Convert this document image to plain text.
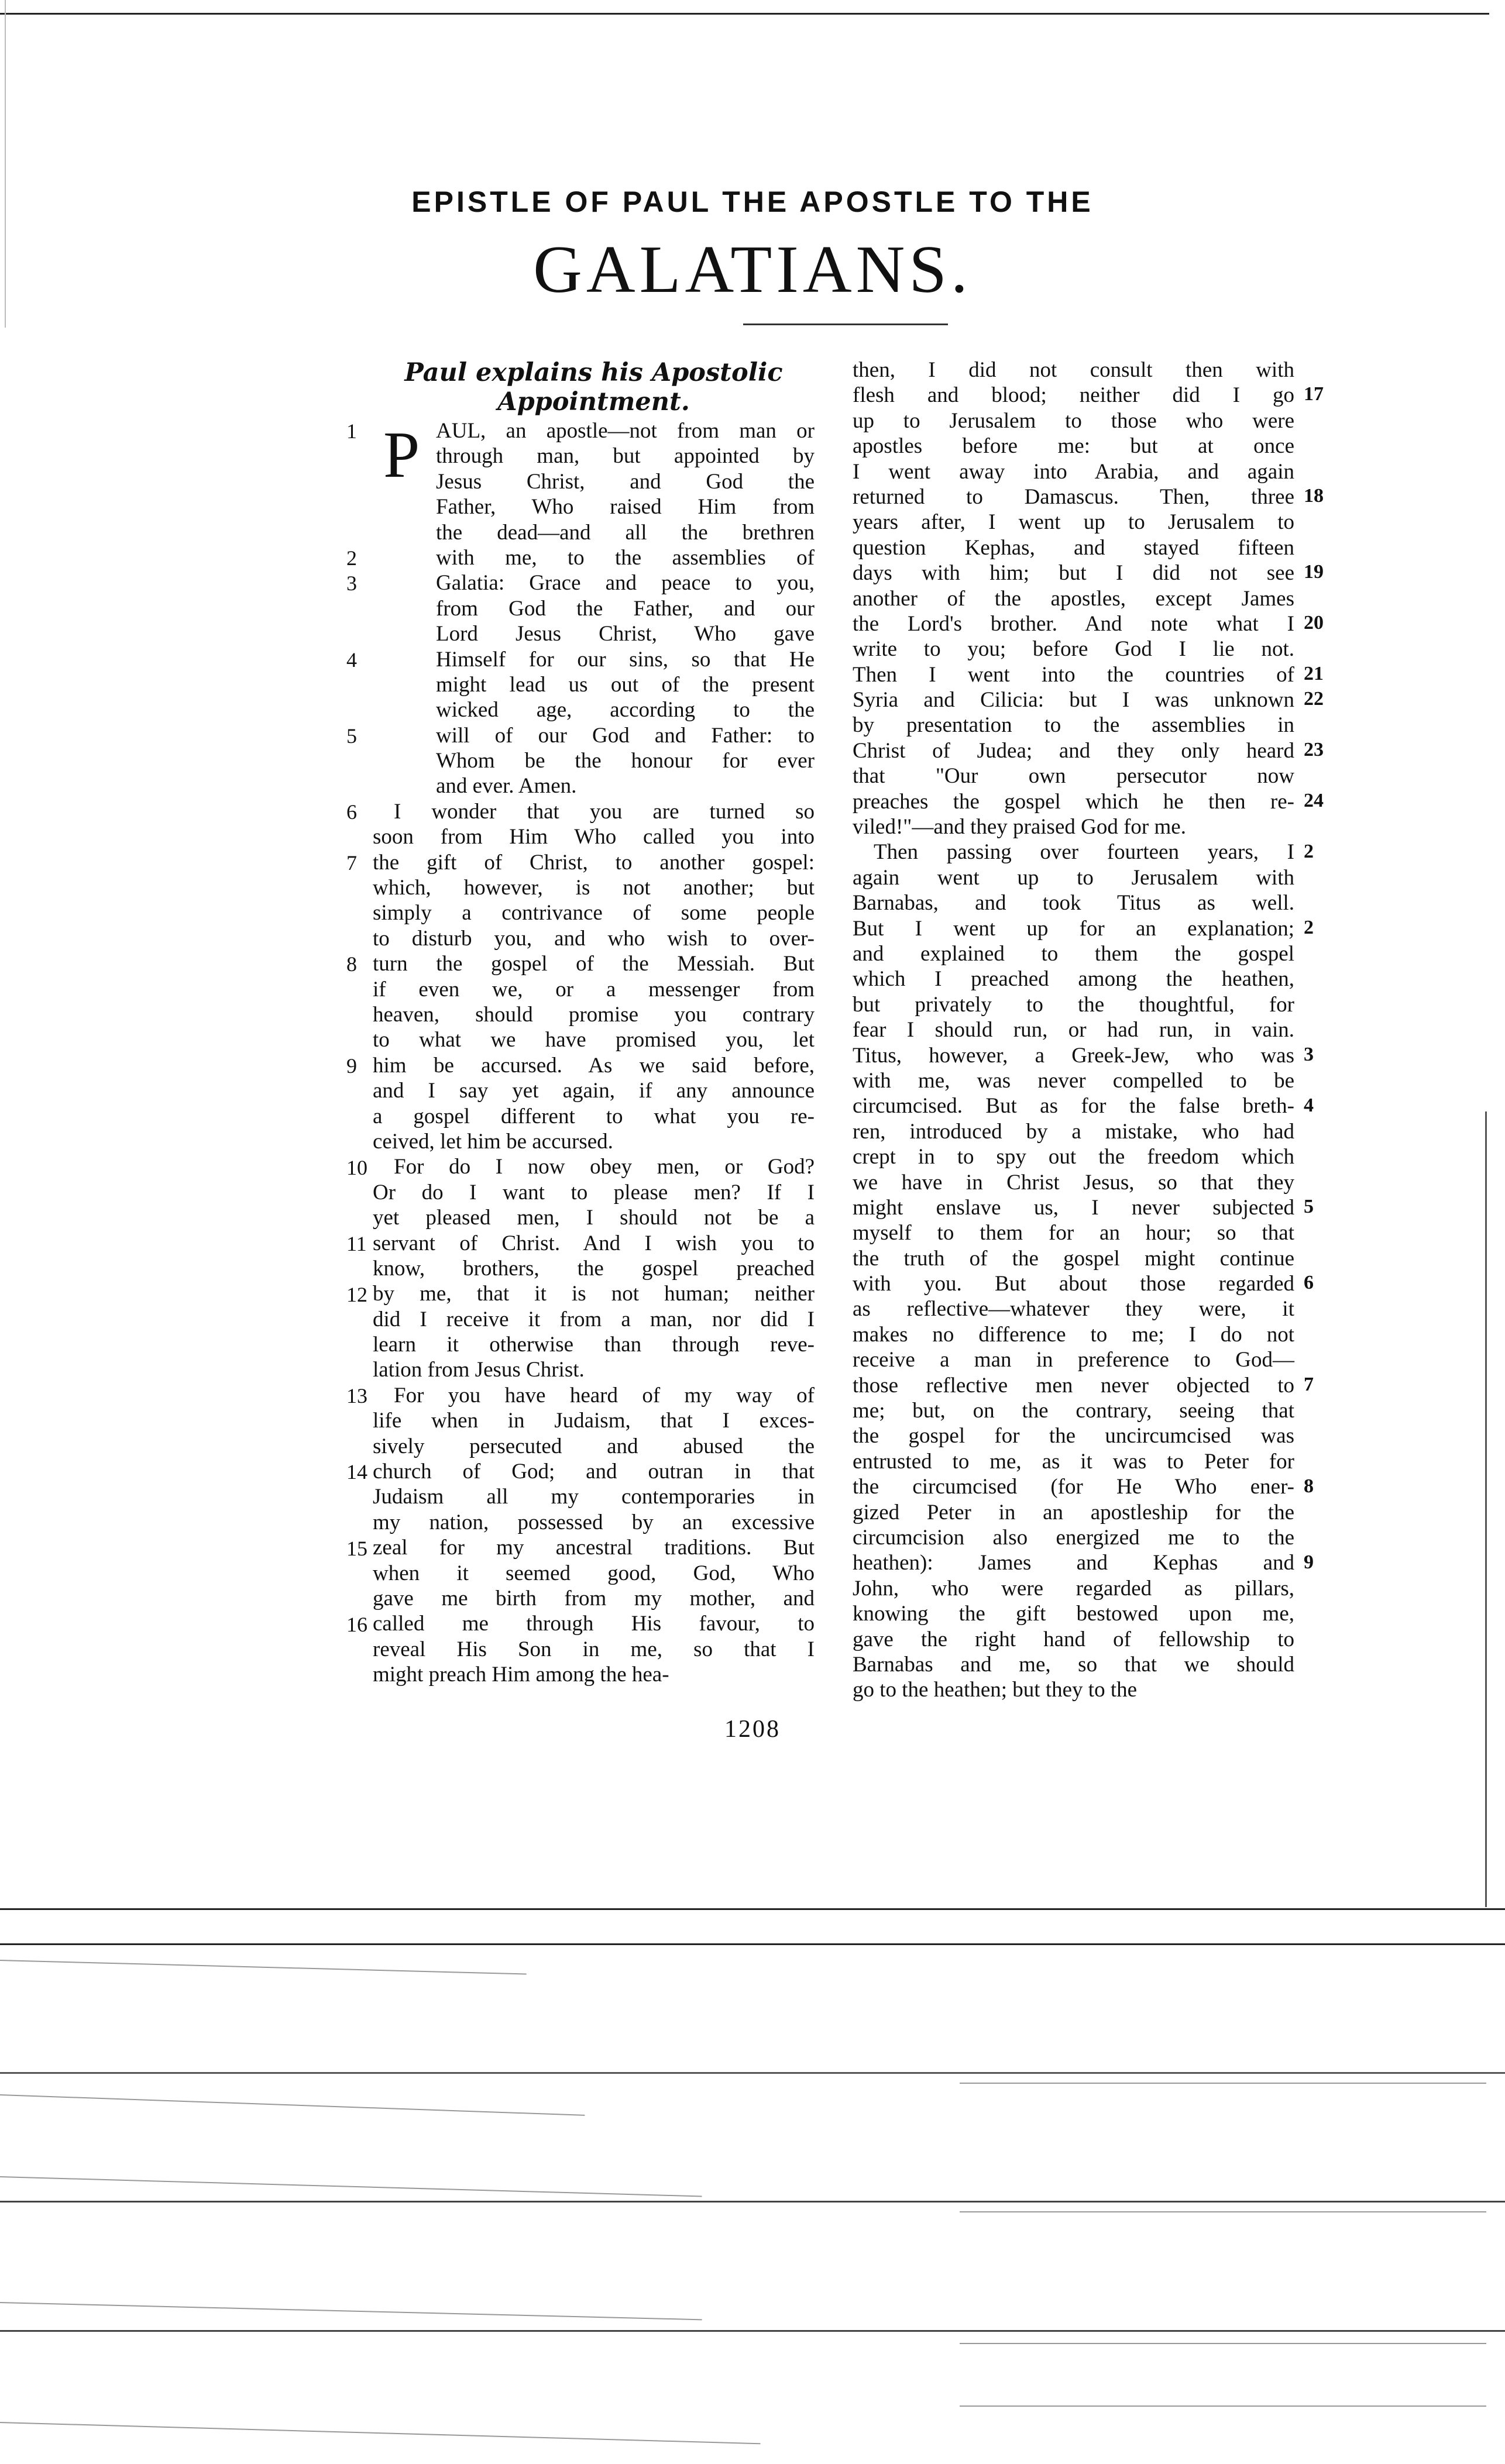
EPISTLE OF PAUL THE APOSTLE TO THE
GALATIANS.
Paul explains his Apostolic
Appointment.
P AUL, an apostle—not from man or
through man, but appointed by
Jesus Christ, and God the
Father, Who raised Him from
the dead—and all the brethren
with me, to the assemblies of
Galatia: Grace and peace to you,
from God the Father, and our
Lord Jesus Christ, Who gave
Himself for our sins, so that He
might lead us out of the present
wicked age, according to the
will of our God and Father: to
Whom be the honour for ever
and ever. Amen.
I wonder that you are turned so
soon from Him Who called you into
the gift of Christ, to another gospel:
which, however, is not another; but
simply a contrivance of some people
to disturb you, and who wish to over-
turn the gospel of the Messiah. But
if even we, or a messenger from
heaven, should promise you contrary
to what we have promised you, let
him be accursed. As we said before,
and I say yet again, if any announce
a gospel different to what you re-
ceived, let him be accursed.
For do I now obey men, or God?
Or do I want to please men? If I
yet pleased men, I should not be a
servant of Christ. And I wish you to
know, brothers, the gospel preached
by me, that it is not human; neither
did I receive it from a man, nor did I
learn it otherwise than through reve-
lation from Jesus Christ.
For you have heard of my way of
life when in Judaism, that I exces-
sively persecuted and abused the
church of God; and outran in that
Judaism all my contemporaries in
my nation, possessed by an excessive
zeal for my ancestral traditions. But
when it seemed good, God, Who
gave me birth from my mother, and
called me through His favour, to
reveal His Son in me, so that I
might preach Him among the hea-
then, I did not consult then with
flesh and blood; neither did I go
up to Jerusalem to those who were
apostles before me: but at once
I went away into Arabia, and again
returned to Damascus. Then, three
years after, I went up to Jerusalem to
question Kephas, and stayed fifteen
days with him; but I did not see
another of the apostles, except James
the Lord's brother. And note what I
write to you; before God I lie not.
Then I went into the countries of
Syria and Cilicia: but I was unknown
by presentation to the assemblies in
Christ of Judea; and they only heard
that "Our own persecutor now
preaches the gospel which he then re-
viled!"—and they praised God for me.
Then passing over fourteen years, I
again went up to Jerusalem with
Barnabas, and took Titus as well.
But I went up for an explanation;
and explained to them the gospel
which I preached among the heathen,
but privately to the thoughtful, for
fear I should run, or had run, in vain.
Titus, however, a Greek-Jew, who was
with me, was never compelled to be
circumcised. But as for the false breth-
ren, introduced by a mistake, who had
crept in to spy out the freedom which
we have in Christ Jesus, so that they
might enslave us, I never subjected
myself to them for an hour; so that
the truth of the gospel might continue
with you. But about those regarded
as reflective—whatever they were, it
makes no difference to me; I do not
receive a man in preference to God—
those reflective men never objected to
me; but, on the contrary, seeing that
the gospel for the uncircumcised was
entrusted to me, as it was to Peter for
the circumcised (for He Who ener-
gized Peter in an apostleship for the
circumcision also energized me to the
heathen): James and Kephas and
John, who were regarded as pillars,
knowing the gift bestowed upon me,
gave the right hand of fellowship to
Barnabas and me, so that we should
go to the heathen; but they to the
1
2
3
4
5
6
7
8
9
10
11
12
13
14
15
16
17
18
19
20
21
22
23
24
2
2
3
4
5
6
7
8
9
1208
